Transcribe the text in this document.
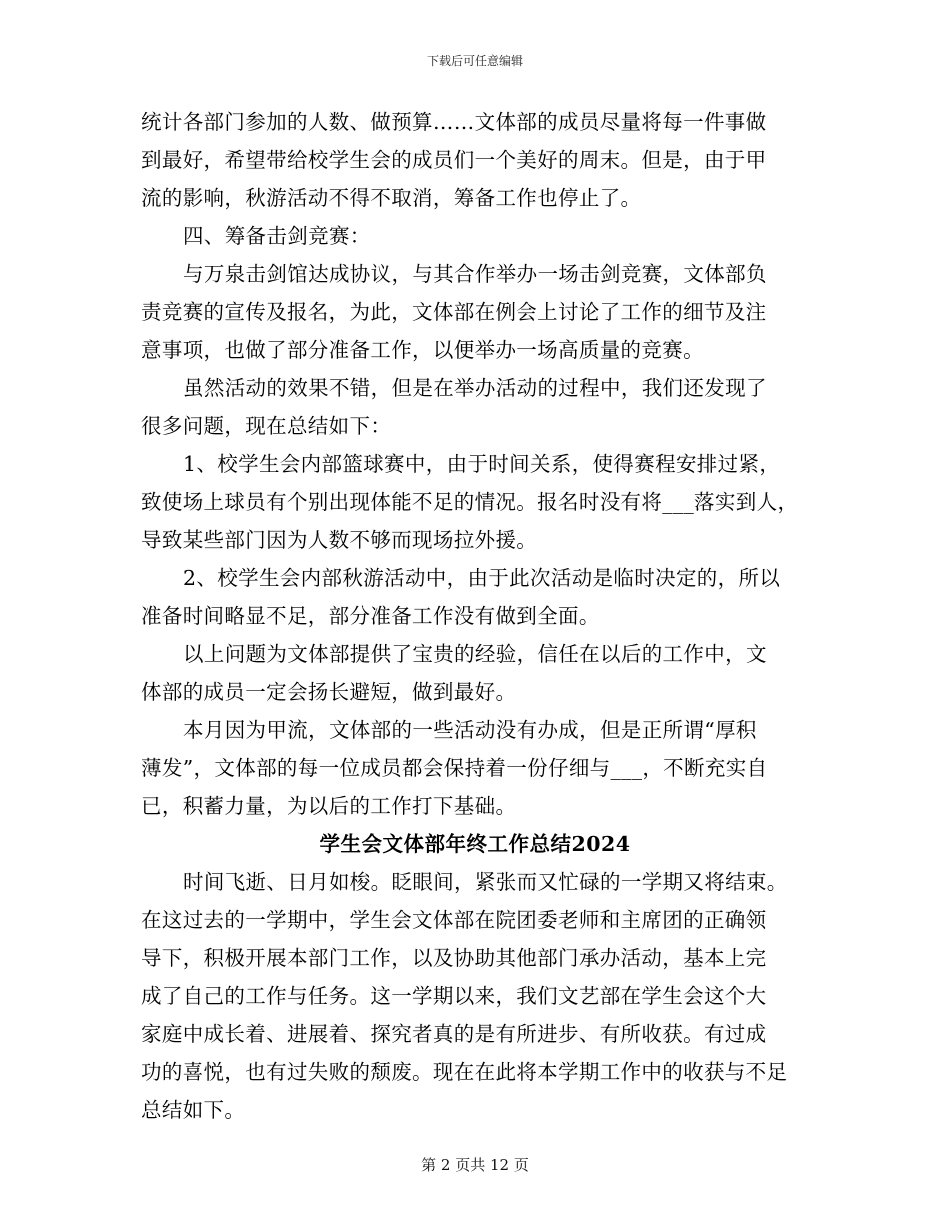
下载后可任意编辑
统计各部门参加的人数、做预算……文体部的成员尽量将每一件事做
到最好，希望带给校学生会的成员们一个美好的周末。但是，由于甲
流的影响，秋游活动不得不取消，筹备工作也停止了。
四、筹备击剑竞赛：
与万泉击剑馆达成协议，与其合作举办一场击剑竞赛，文体部负
责竞赛的宣传及报名，为此，文体部在例会上讨论了工作的细节及注
意事项，也做了部分准备工作，以便举办一场高质量的竞赛。
虽然活动的效果不错，但是在举办活动的过程中，我们还发现了
很多问题，现在总结如下：
1、校学生会内部篮球赛中，由于时间关系，使得赛程安排过紧，
致使场上球员有个别出现体能不足的情况。报名时没有将___落实到人，
导致某些部门因为人数不够而现场拉外援。
2、校学生会内部秋游活动中，由于此次活动是临时决定的，所以
准备时间略显不足，部分准备工作没有做到全面。
以上问题为文体部提供了宝贵的经验，信任在以后的工作中，文
体部的成员一定会扬长避短，做到最好。
本月因为甲流，文体部的一些活动没有办成，但是正所谓“厚积
薄发”，文体部的每一位成员都会保持着一份仔细与___，不断充实自
已，积蓄力量，为以后的工作打下基础。
学生会文体部年终工作总结2024
时间飞逝、日月如梭。眨眼间，紧张而又忙碌的一学期又将结束。
在这过去的一学期中，学生会文体部在院团委老师和主席团的正确领
导下，积极开展本部门工作，以及协助其他部门承办活动，基本上完
成了自己的工作与任务。这一学期以来，我们文艺部在学生会这个大
家庭中成长着、进展着、探究者真的是有所进步、有所收获。有过成
功的喜悦，也有过失败的颓废。现在在此将本学期工作中的收获与不足
总结如下。
第 2 页共 12 页
